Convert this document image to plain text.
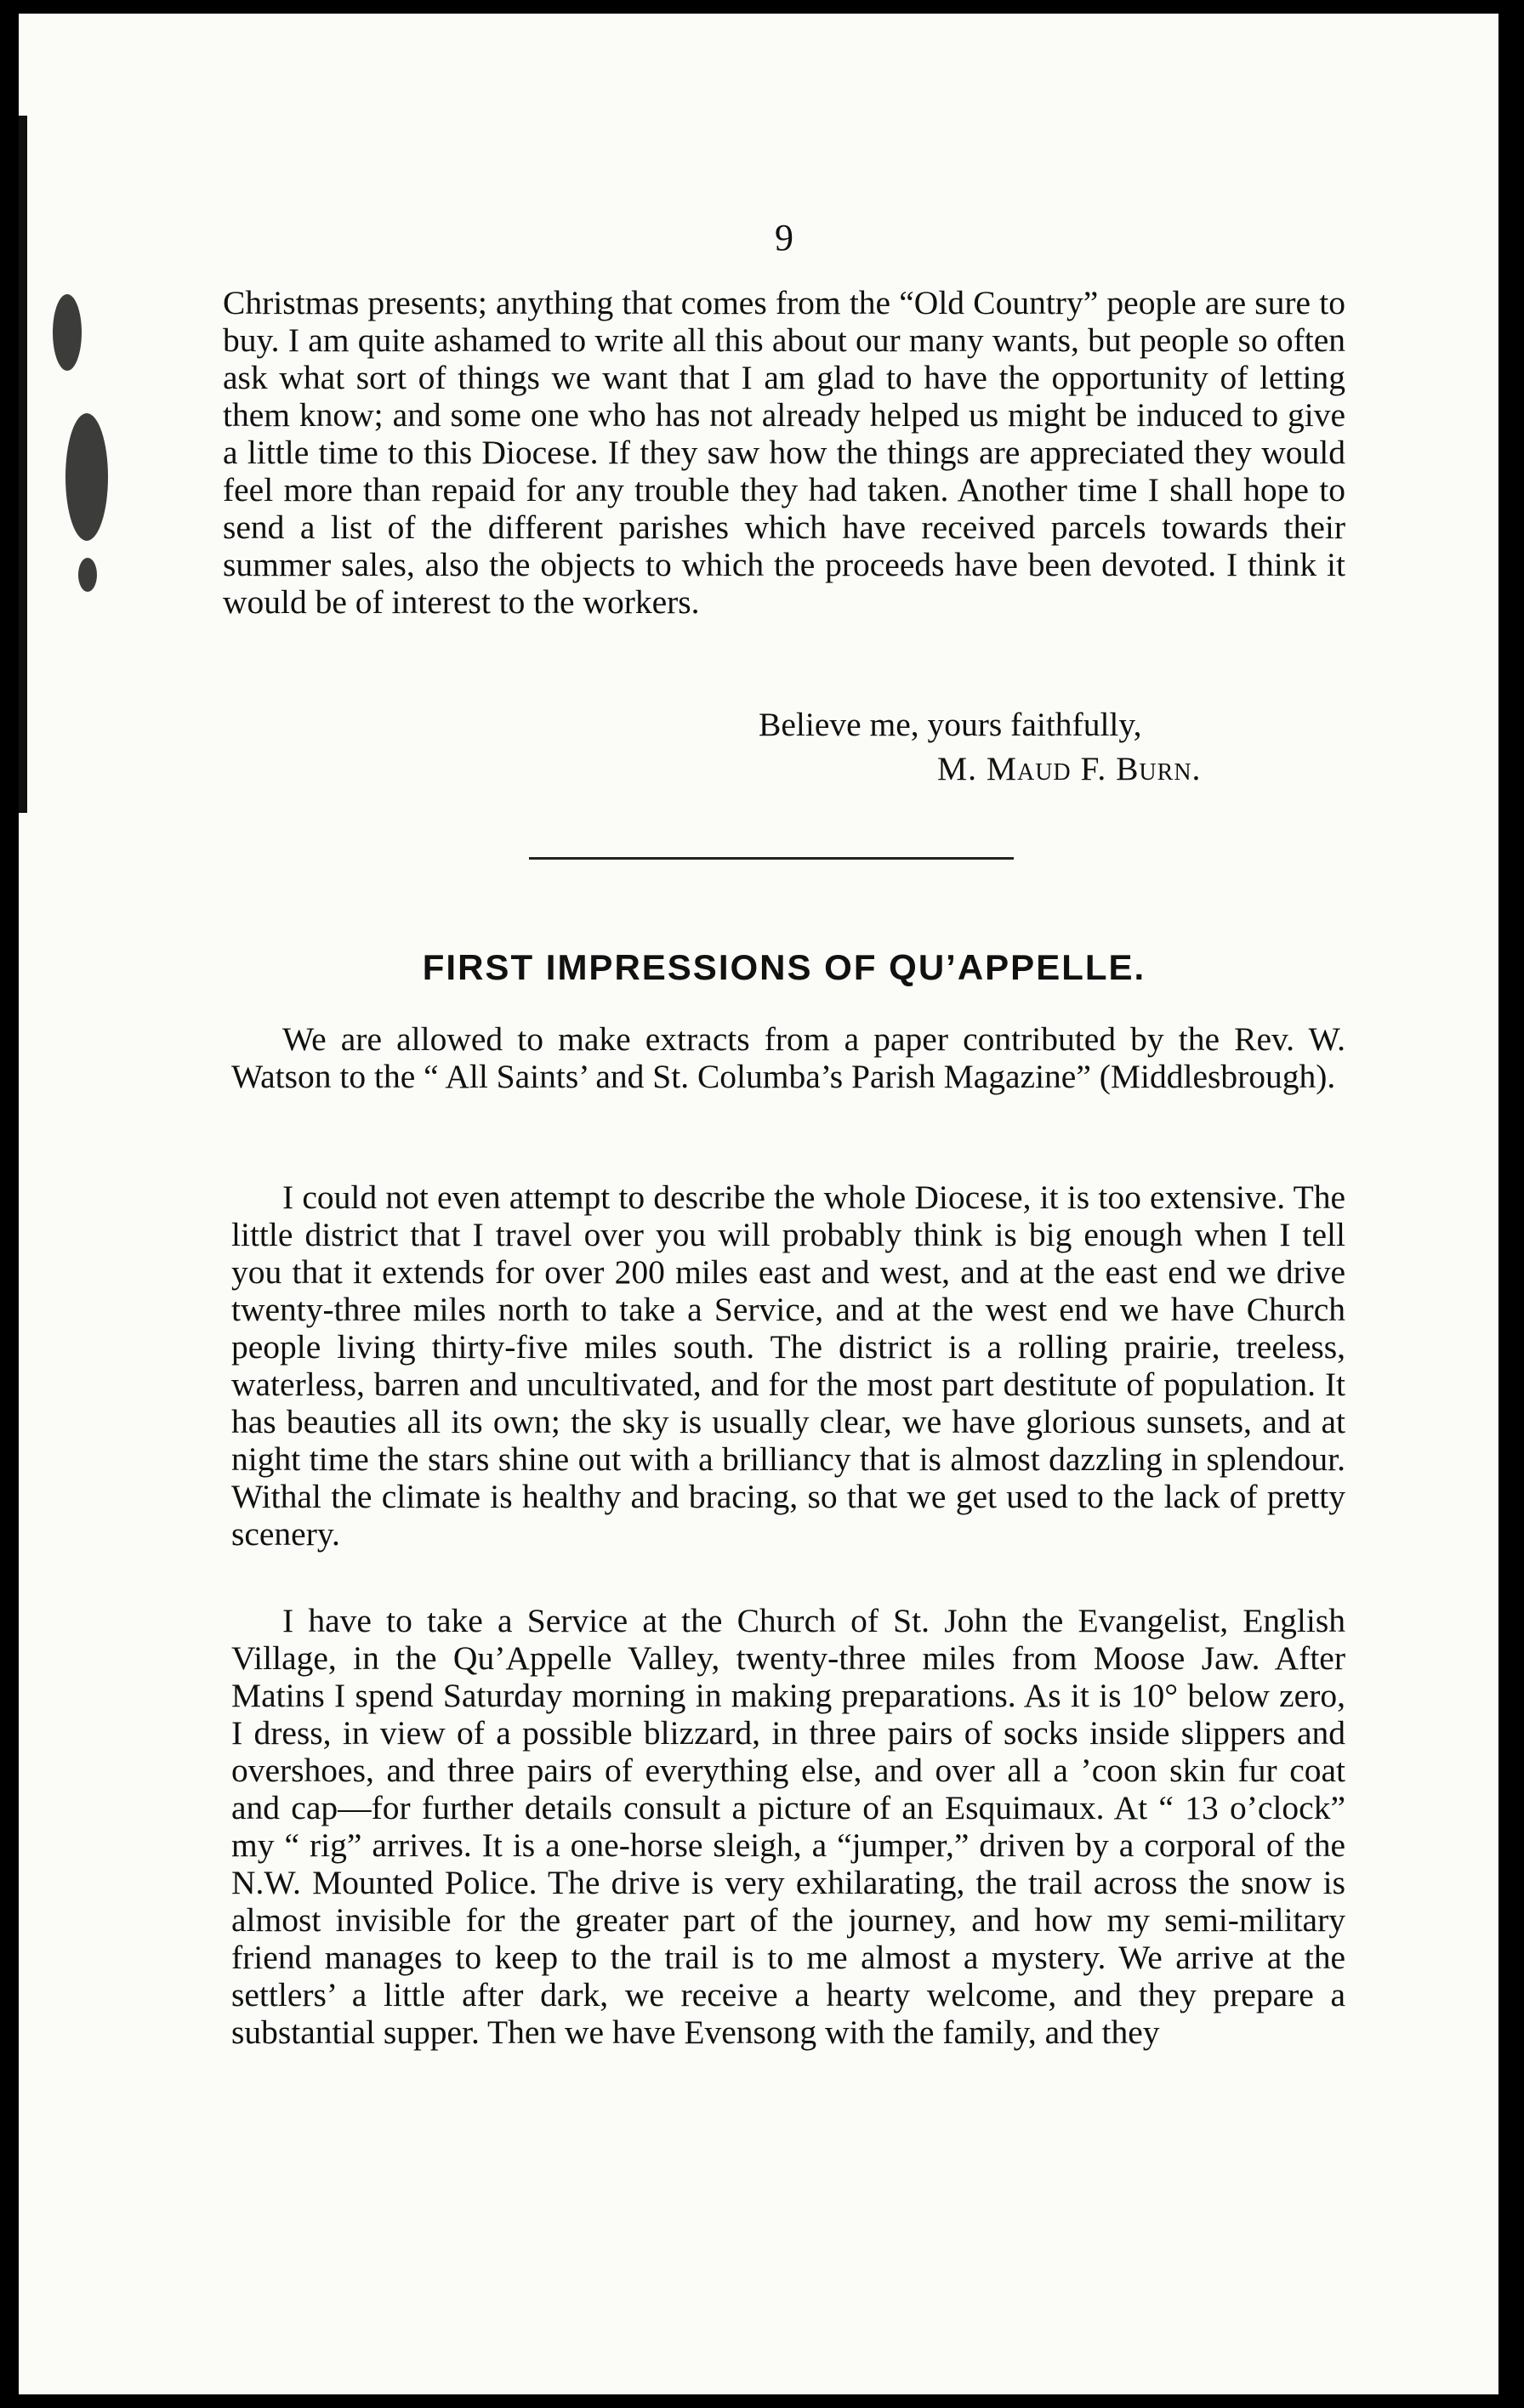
9

Christmas presents; anything that comes from the “Old Country” people are sure to buy. I am quite ashamed to write all this about our many wants, but people so often ask what sort of things we want that I am glad to have the opportunity of letting them know; and some one who has not already helped us might be induced to give a little time to this Diocese. If they saw how the things are appreciated they would feel more than repaid for any trouble they had taken. Another time I shall hope to send a list of the different parishes which have received parcels towards their summer sales, also the objects to which the proceeds have been devoted. I think it would be of interest to the workers.

Believe me, yours faithfully,
M. Maud F. Burn.
FIRST IMPRESSIONS OF QU’APPELLE.

We are allowed to make extracts from a paper contributed by the Rev. W. Watson to the “ All Saints’ and St. Columba’s Parish Magazine” (Middlesbrough).

I could not even attempt to describe the whole Diocese, it is too extensive. The little district that I travel over you will probably think is big enough when I tell you that it extends for over 200 miles east and west, and at the east end we drive twenty-three miles north to take a Service, and at the west end we have Church people living thirty-five miles south. The district is a rolling prairie, treeless, waterless, barren and uncultivated, and for the most part destitute of population. It has beauties all its own; the sky is usually clear, we have glorious sunsets, and at night time the stars shine out with a brilliancy that is almost dazzling in splendour. Withal the climate is healthy and bracing, so that we get used to the lack of pretty scenery.

I have to take a Service at the Church of St. John the Evangelist, English Village, in the Qu’Appelle Valley, twenty-three miles from Moose Jaw. After Matins I spend Saturday morning in making preparations. As it is 10° below zero, I dress, in view of a possible blizzard, in three pairs of socks inside slippers and overshoes, and three pairs of everything else, and over all a ’coon skin fur coat and cap—for further details consult a picture of an Esquimaux. At “ 13 o’clock” my “ rig” arrives. It is a one-horse sleigh, a “jumper,” driven by a corporal of the N.W. Mounted Police. The drive is very exhilarating, the trail across the snow is almost invisible for the greater part of the journey, and how my semi-military friend manages to keep to the trail is to me almost a mystery. We arrive at the settlers’ a little after dark, we receive a hearty welcome, and they prepare a substantial supper. Then we have Evensong with the family, and they
